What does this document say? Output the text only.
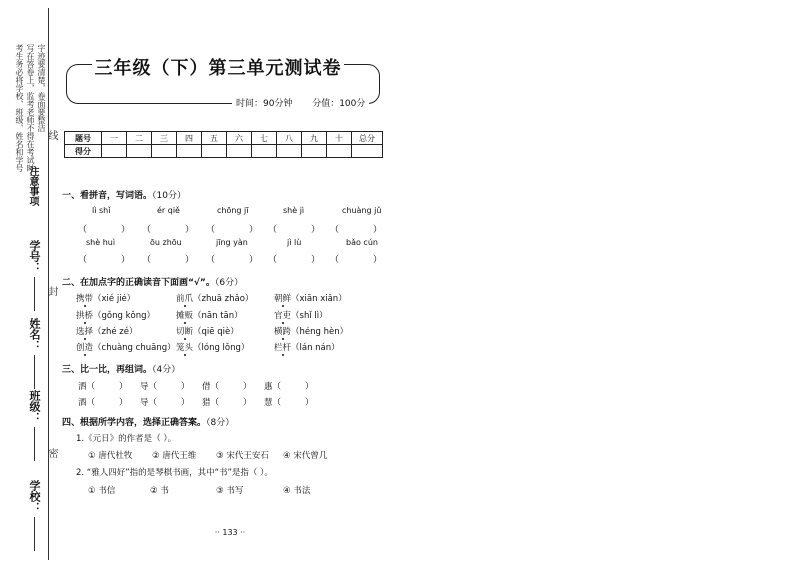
考生务必将学校、班级、姓名和学号 写在答卷上，监考老师不得在考试时 字迹要清楚，卷面要整洁
注意事项
学号：
姓名：
班级：
学校：
线
封
密
三年级（下）第三单元测试卷
时间：90分钟 分值：100分
题号	一	二	三	四	五	六	七	八	九	十	总分
得分											
一、看拼音，写词语。（10分）
lì shǐ	ér qiě	chōng jī	shè jì	chuàng jǔ
（	） （	） （	） （	） （	）
shè huì	ōu zhōu	jīng yàn	jì lù	bǎo cún
（	） （	） （	） （	） （	）
二、在加点字的正确读音下面画“√”。（6分）
携带（xié jié）	前爪（zhuā zhǎo） 朝鲜（xiān xiǎn）
拱桥（gǒng kǒng） 摊贩（nān tān）	官吏（shǐ lì）
选择（zhé zé）	切断（qiē qiè）	横跨（héng hèn）
创造（chuàng chuāng） 笼头（lóng lǒng）	栏杆（lán nán）
三、比一比，再组词。（4分）
洒（	）	导（	）	借（	）	惠（	）
酒（	）	导（	）	猎（	）	慧（	）
四、根据所学内容，选择正确答案。（8分）
1.《元日》的作者是（ ）。
① 唐代杜牧 ② 唐代王维 ③ 宋代王安石 ④ 宋代曾几
2. “雅人四好”指的是琴棋书画，其中“书”是指（ ）。
① 书信	② 书	③ 书写	④ 书法
·· 133 ··
